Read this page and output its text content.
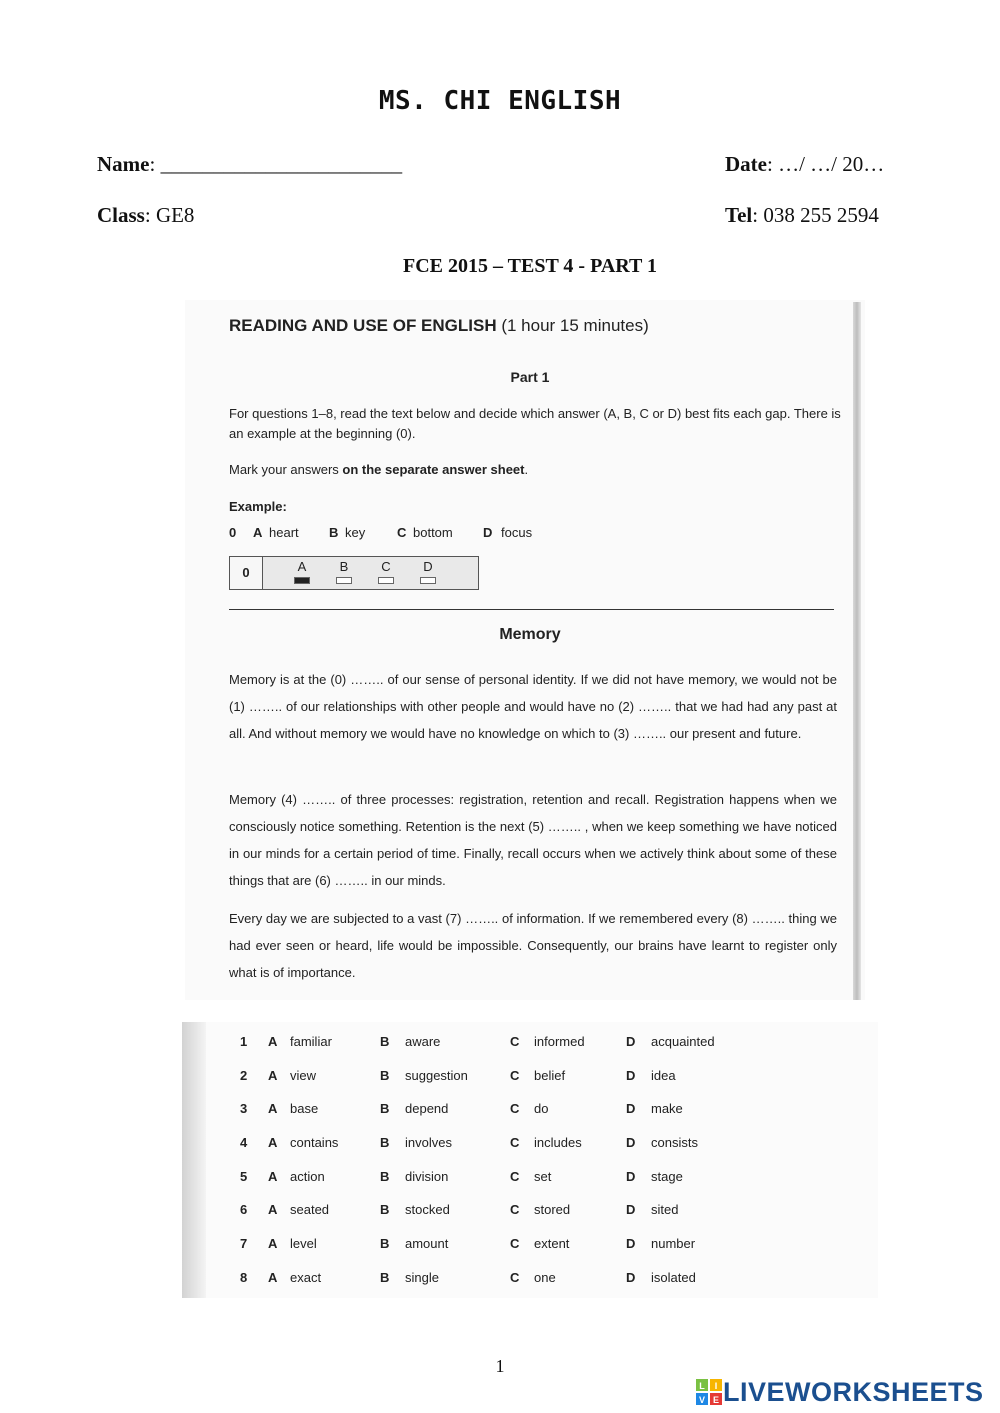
MS. CHI ENGLISH
Name: _______________________	Date: …/ …/ 20…
Class: GE8	Tel: 038 255 2594
FCE 2015 – TEST 4 - PART 1
READING AND USE OF ENGLISH (1 hour 15 minutes)
Part 1
For questions 1–8, read the text below and decide which answer (A, B, C or D) best fits each gap. There is an example at the beginning (0).
Mark your answers on the separate answer sheet.
Example:
0 A heart B key C bottom D focus
0	A	B	C	D
Memory
Memory is at the (0) …….. of our sense of personal identity. If we did not have memory, we would not be (1) …….. of our relationships with other people and would have no (2) …….. that we had had any past at all. And without memory we would have no knowledge on which to (3) …….. our present and future.
Memory (4) …….. of three processes: registration, retention and recall. Registration happens when we consciously notice something. Retention is the next (5) …….. , when we keep something we have noticed in our minds for a certain period of time. Finally, recall occurs when we actively think about some of these things that are (6) …….. in our minds.
Every day we are subjected to a vast (7) …….. of information. If we remembered every (8) …….. thing we had ever seen or heard, life would be impossible. Consequently, our brains have learnt to register only what is of importance.
1	A familiar	B aware	C informed	D acquainted
2	A view	B suggestion	C belief	D idea
3	A base	B depend	C do	D make
4	A contains	B involves	C includes	D consists
5	A action	B division	C set	D stage
6	A seated	B stocked	C stored	D sited
7	A level	B amount	C extent	D number
8	A exact	B single	C one	D isolated
1
L I
V E LIVEWORKSHEETS
